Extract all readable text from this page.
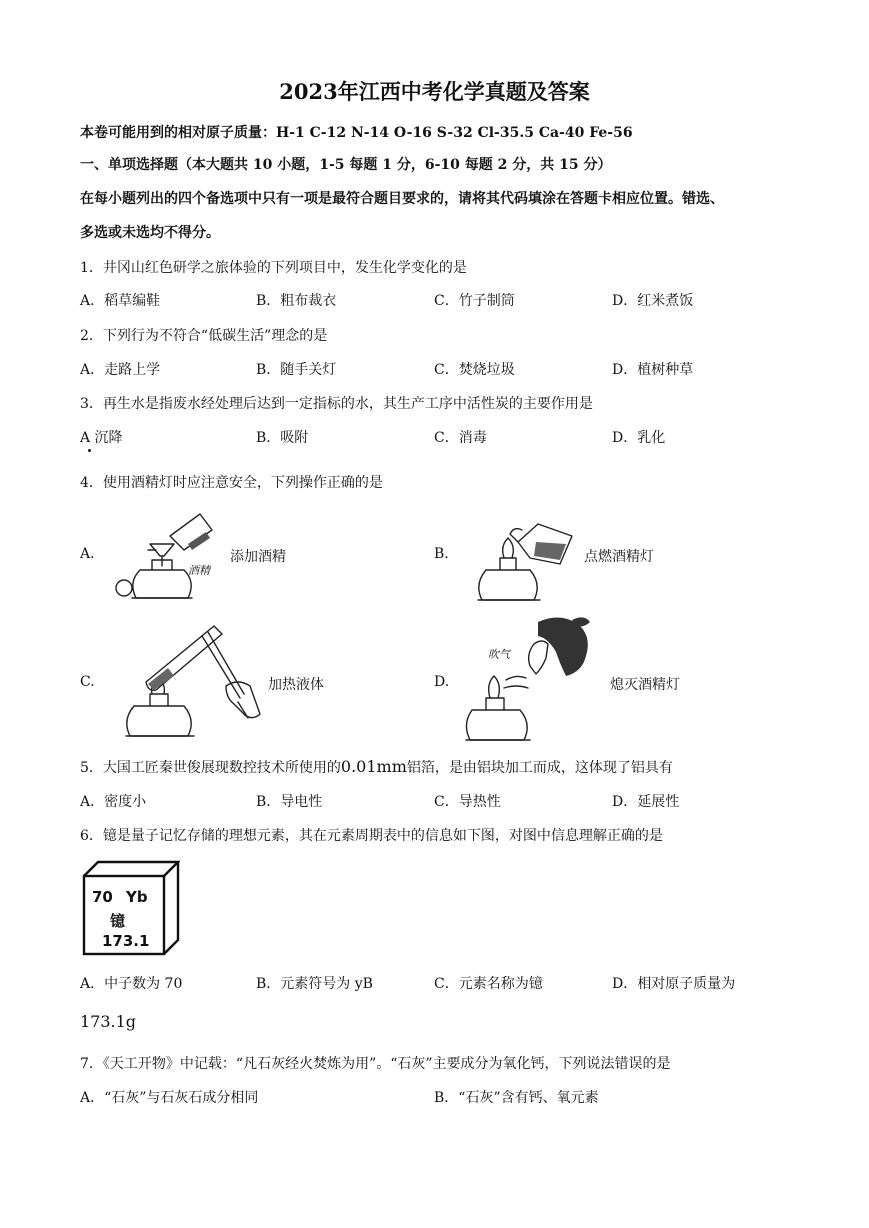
2023年江西中考化学真题及答案
本卷可能用到的相对原子质量：H-1 C-12 N-14 O-16 S-32 Cl-35.5 Ca-40 Fe-56
一、单项选择题（本大题共 10 小题，1-5 每题 1 分，6-10 每题 2 分，共 15 分）
在每小题列出的四个备选项中只有一项是最符合题目要求的，请将其代码填涂在答题卡相应位置。错选、
多选或未选均不得分。
1．井冈山红色研学之旅体验的下列项目中，发生化学变化的是
A．稻草编鞋	B．粗布裁衣	C．竹子制筒	D．红米煮饭
2．下列行为不符合“低碳生活”理念的是
A．走路上学	B．随手关灯	C．焚烧垃圾	D．植树种草
3．再生水是指废水经处理后达到一定指标的水，其生产工序中活性炭的主要作用是
A 沉降	B．吸附	C．消毒	D．乳化
4．使用酒精灯时应注意安全，下列操作正确的是
A.
酒精
添加酒精	B.	点燃酒精灯
C.	加热液体	D.
吹气
熄灭酒精灯
5．大国工匠秦世俊展现数控技术所使用的0.01mm铝箔，是由铝块加工而成，这体现了铝具有
A．密度小	B．导电性	C．导热性	D．延展性
6．镱是量子记忆存储的理想元素，其在元素周期表中的信息如下图，对图中信息理解正确的是
70 Yb
镱
173.1
A．中子数为 70	B．元素符号为 yB	C．元素名称为镱	D．相对原子质量为
173.1g
7．《天工开物》中记载：“凡石灰经火焚炼为用”。“石灰”主要成分为氧化钙，下列说法错误的是
A．“石灰”与石灰石成分相同	B．“石灰”含有钙、氧元素
